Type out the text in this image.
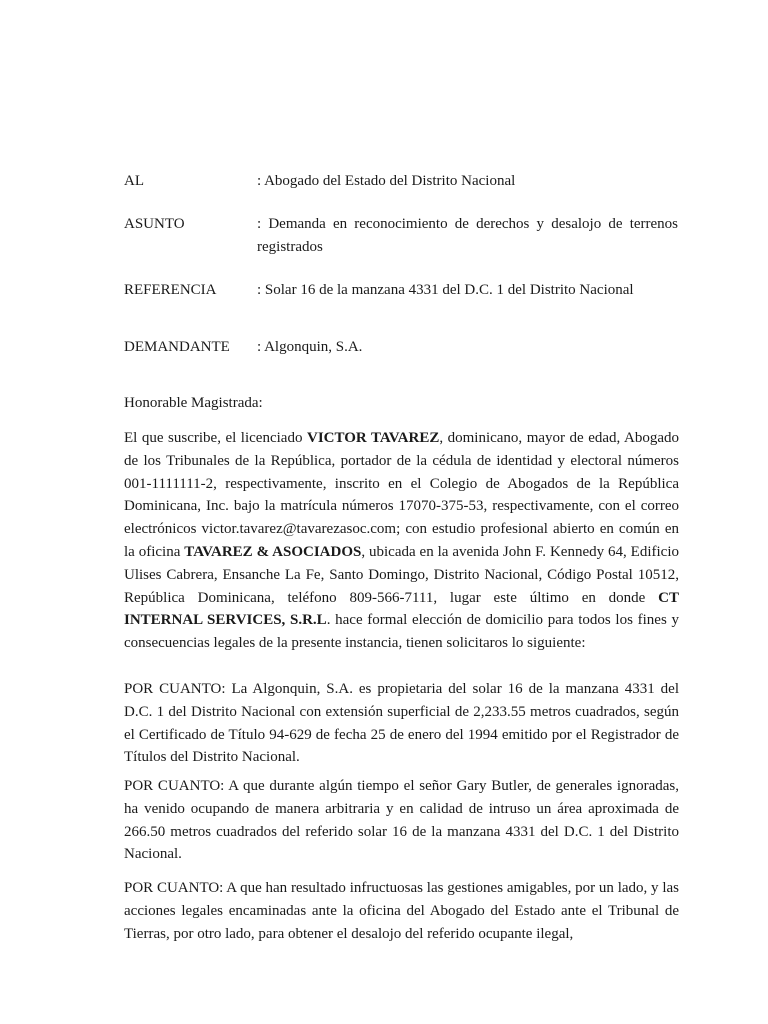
AL	: Abogado del Estado del Distrito Nacional
ASUNTO	: Demanda en reconocimiento de derechos y desalojo de terrenos registrados
REFERENCIA	: Solar 16 de la manzana 4331 del D.C. 1 del Distrito Nacional
DEMANDANTE : Algonquin, S.A.

Honorable Magistrada:

El que suscribe, el licenciado VICTOR TAVAREZ, dominicano, mayor de edad, Abogado de los Tribunales de la República, portador de la cédula de identidad y electoral números 001-1111111-2, respectivamente, inscrito en el Colegio de Abogados de la República Dominicana, Inc. bajo la matrícula números 17070-375-53, respectivamente, con el correo electrónicos victor.tavarez@tavarezasoc.com; con estudio profesional abierto en común en la oficina TAVAREZ & ASOCIADOS, ubicada en la avenida John F. Kennedy 64, Edificio Ulises Cabrera, Ensanche La Fe, Santo Domingo, Distrito Nacional, Código Postal 10512, República Dominicana, teléfono 809-566-7111, lugar este último en donde CT INTERNAL SERVICES, S.R.L. hace formal elección de domicilio para todos los fines y consecuencias legales de la presente instancia, tienen solicitaros lo siguiente:

POR CUANTO: La Algonquin, S.A. es propietaria del solar 16 de la manzana 4331 del D.C. 1 del Distrito Nacional con extensión superficial de 2,233.55 metros cuadrados, según el Certificado de Título 94-629 de fecha 25 de enero del 1994 emitido por el Registrador de Títulos del Distrito Nacional.

POR CUANTO: A que durante algún tiempo el señor Gary Butler, de generales ignoradas, ha venido ocupando de manera arbitraria y en calidad de intruso un área aproximada de 266.50 metros cuadrados del referido solar 16 de la manzana 4331 del D.C. 1 del Distrito Nacional.

POR CUANTO: A que han resultado infructuosas las gestiones amigables, por un lado, y las acciones legales encaminadas ante la oficina del Abogado del Estado ante el Tribunal de Tierras, por otro lado, para obtener el desalojo del referido ocupante ilegal,
